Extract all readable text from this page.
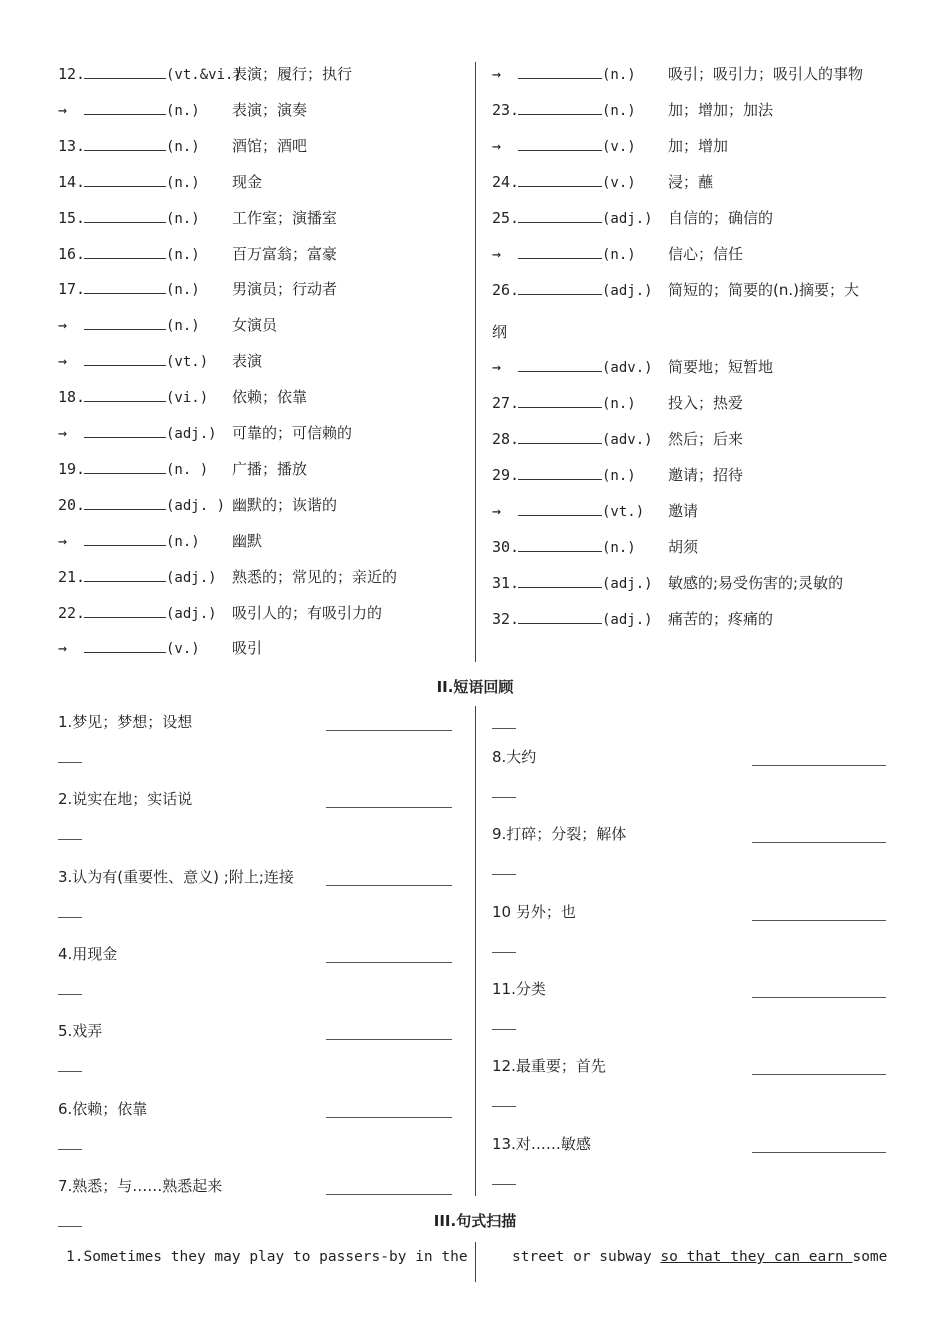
12.	(vt.&vi.)表演；履行；执行
→	(n.) 表演；演奏
13.	(n.) 酒馆；酒吧
14.	(n.) 现金
15.	(n.) 工作室；演播室
16.	(n.) 百万富翁；富豪
17.	(n.) 男演员；行动者
→	(n.) 女演员
→	(vt.) 表演
18.	(vi.) 依赖；依靠
→	(adj.) 可靠的；可信赖的
19.	(n. ) 广播；播放
20.	(adj. ) 幽默的；诙谐的
→	(n.) 幽默
21.	(adj.) 熟悉的；常见的；亲近的
22.	(adj.) 吸引人的；有吸引力的
→	(v.) 吸引
→	(n.) 吸引；吸引力；吸引人的事物
23.	(n.) 加；增加；加法
→	(v.) 加；增加
24.	(v.) 浸；蘸
25.	(adj.) 自信的；确信的
→	(n.) 信心；信任
26.	(adj.) 简短的；简要的(n.)摘要；大
纲
→	(adv.) 简要地；短暂地
27.	(n.) 投入；热爱
28.	(adv.) 然后；后来
29.	(n.) 邀请；招待
→	(vt.) 邀请
30.	(n.) 胡须
31.	(adj.) 敏感的;易受伤害的;灵敏的
32.	(adj.) 痛苦的；疼痛的
II.短语回顾
1.梦见；梦想；设想
2.说实在地；实话说
3.认为有(重要性、意义) ;附上;连接
4.用现金
5.戏弄
6.依赖；依靠
7.熟悉；与……熟悉起来
8.大约
9.打碎；分裂；解体
10 另外；也
11.分类
12.最重要；首先
13.对……敏感
III.句式扫描
1.Sometimes they may play to passers-by in the	street or subway so that they can earn some
